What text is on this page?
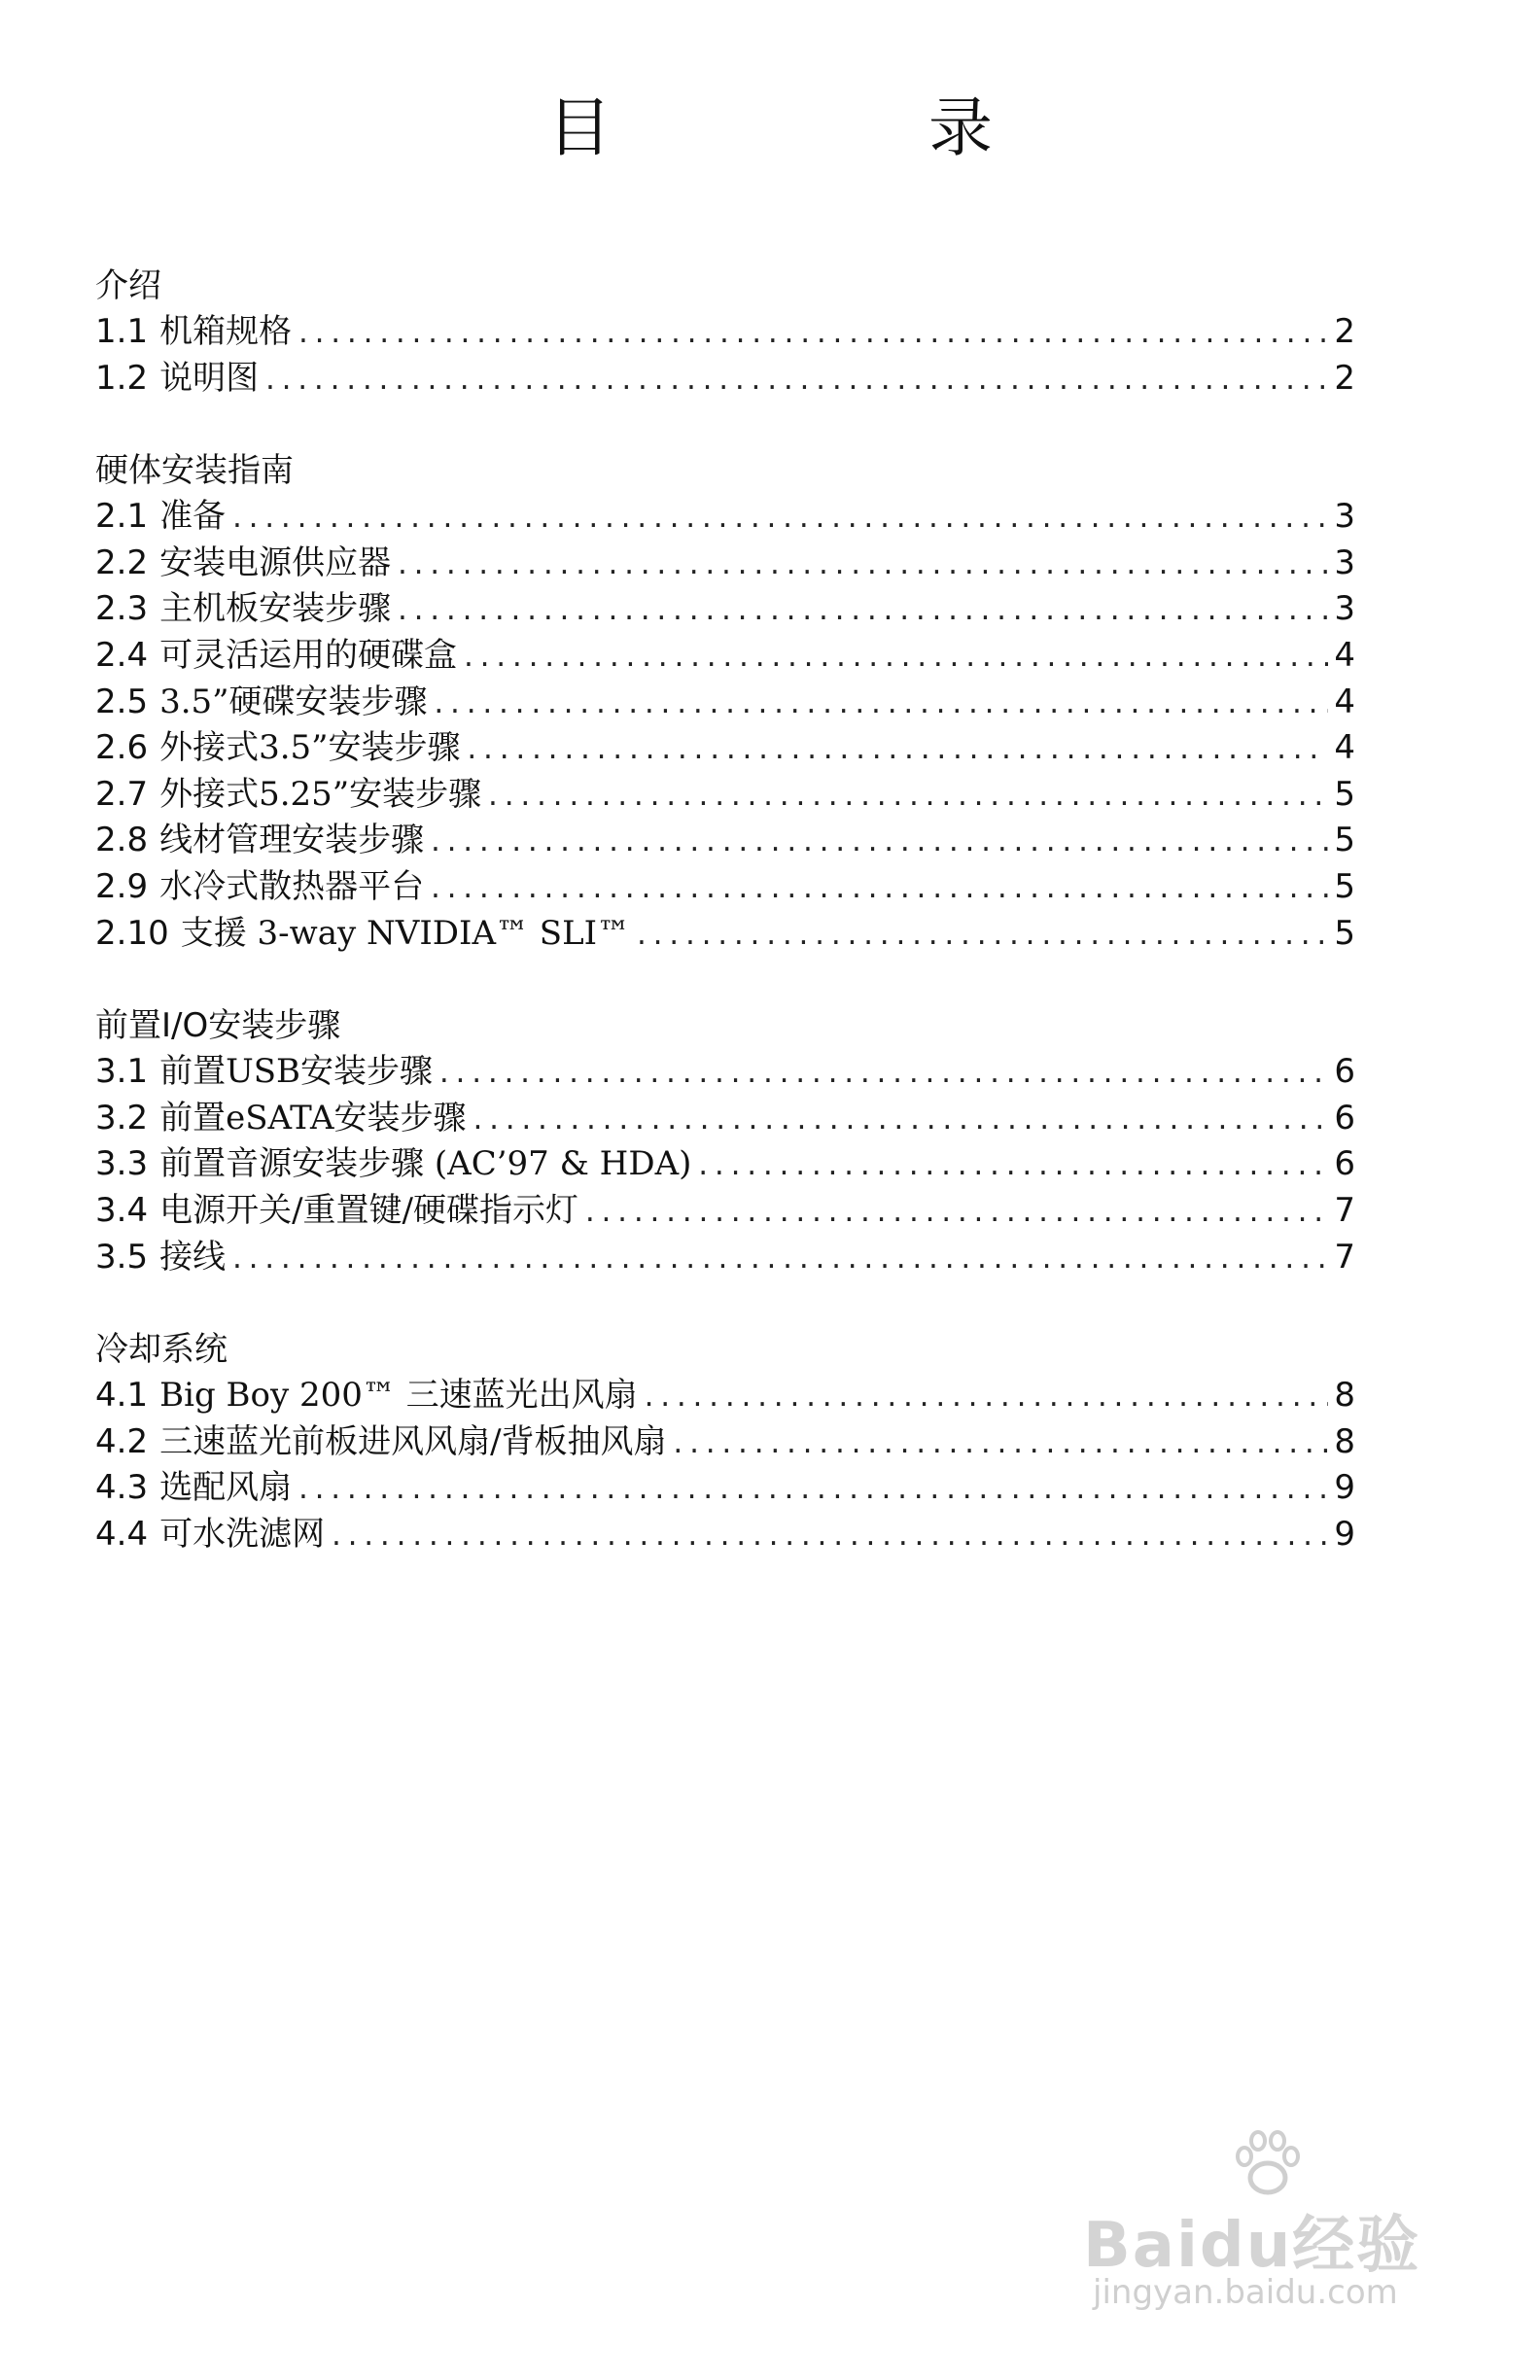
目　录
介绍
1.1 机箱规格 .....	2
1.2 说明图 .....	2
硬体安装指南
2.1 准备 .....	3
2.2 安装电源供应器 .....	3
2.3 主机板安装步骤 .....	3
2.4 可灵活运用的硬碟盒 .....	4
2.5 3.5”硬碟安装步骤 .....	4
2.6 外接式3.5”安装步骤 .....	4
2.7 外接式5.25”安装步骤 .....	5
2.8 线材管理安装步骤 .....	5
2.9 水冷式散热器平台 .....	5
2.10 支援 3-way NVIDIA™ SLI™ .....	5
前置I/O安装步骤
3.1 前置USB安装步骤 .....	6
3.2 前置eSATA安装步骤 .....	6
3.3 前置音源安装步骤 (AC’97 & HDA) .....	6
3.4 电源开关/重置键/硬碟指示灯 .....	7
3.5 接线 .....	7
冷却系统
4.1 Big Boy 200™ 三速蓝光出风扇 .....	8
4.2 三速蓝光前板进风风扇/背板抽风扇 .....	8
4.3 选配风扇 .....	9
4.4 可水洗滤网 .....	9
Baidu经验
jingyan.baidu.com
